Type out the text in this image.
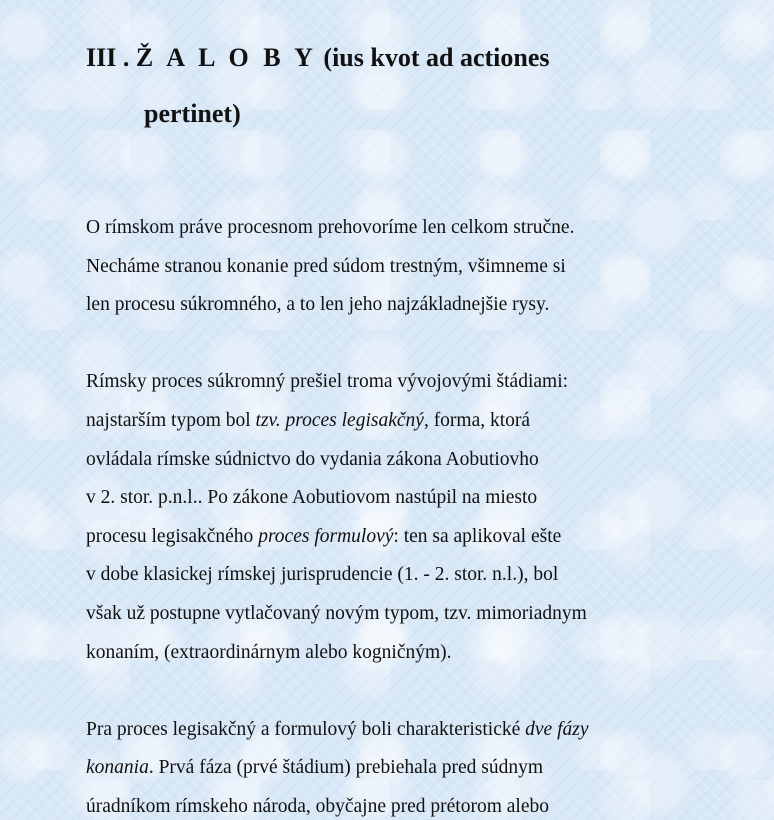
III . Ž A L O B Y (ius kvot ad actiones
pertinet)

O rímskom práve procesnom prehovoríme len celkom stručne.
Necháme stranou konanie pred súdom trestným, všimneme si
len procesu súkromného, a to len jeho najzákladnejšie rysy.

Rímsky proces súkromný prešiel troma vývojovými štádiami:
najstarším typom bol tzv. proces legisakčný, forma, ktorá
ovládala rímske súdnictvo do vydania zákona Aobutiovho
v 2. stor. p.n.l.. Po zákone Aobutiovom nastúpil na miesto
procesu legisakčného proces formulový: ten sa aplikoval ešte
v dobe klasickej rímskej jurisprudencie (1. - 2. stor. n.l.), bol
však už postupne vytlačovaný novým typom, tzv. mimoriadnym
konaním, (extraordinárnym alebo kogničným).

Pra proces legisakčný a formulový boli charakteristické dve fázy
konania. Prvá fáza (prvé štádium) prebiehala pred súdnym
úradníkom rímskeho národa, obyčajne pred prétorom alebo
